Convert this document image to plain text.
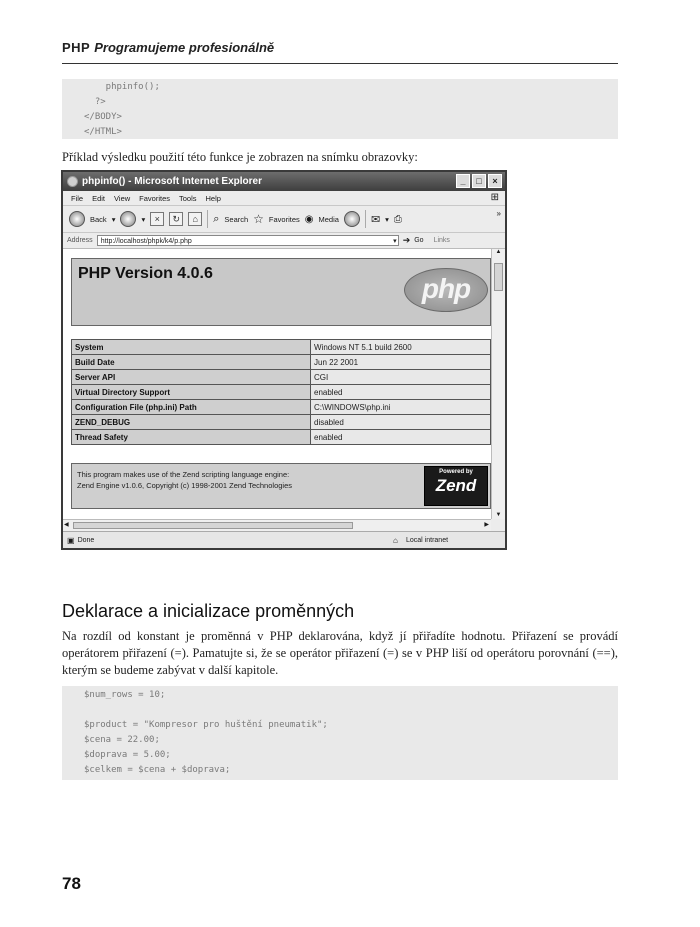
PHP Programujeme profesionálně
phpinfo();
?>
</BODY>
</HTML>
Příklad výsledku použití této funkce je zobrazen na snímku obrazovky:
phpinfo() - Microsoft Internet Explorer	_	□	×
File Edit View Favorites Tools Help	⊞
Back ▾	▾	×	↻	⌂	⌕ Search ☆ Favorites ◉ Media	✉ ▾ ⎙	»
Address	http://localhost/phpk/k4/p.php	▾ ➔ Go Links
PHP Version 4.0.6	php
System	Windows NT 5.1 build 2600
Build Date	Jun 22 2001
Server API	CGI
Virtual Directory Support	enabled
Configuration File (php.ini) Path	C:\WINDOWS\php.ini
ZEND_DEBUG	disabled
Thread Safety	enabled
This program makes use of the Zend scripting language engine:
Zend Engine v1.0.6, Copyright (c) 1998-2001 Zend Technologies
Powered by
Zend
▲
▼
◀	▶
▣ Done	⌂ Local intranet
Deklarace a inicializace proměnných
Na rozdíl od konstant je proměnná v PHP deklarována, když jí přiřadíte hodnotu. Přiřazení se provádí operátorem přiřazení (=). Pamatujte si, že se operátor přiřazení (=) se v PHP liší od operátoru porovnání (==), kterým se budeme zabývat v další kapitole.
$num_rows = 10;
$product = "Kompresor pro huštění pneumatik";
$cena = 22.00;
$doprava = 5.00;
$celkem = $cena + $doprava;
78
